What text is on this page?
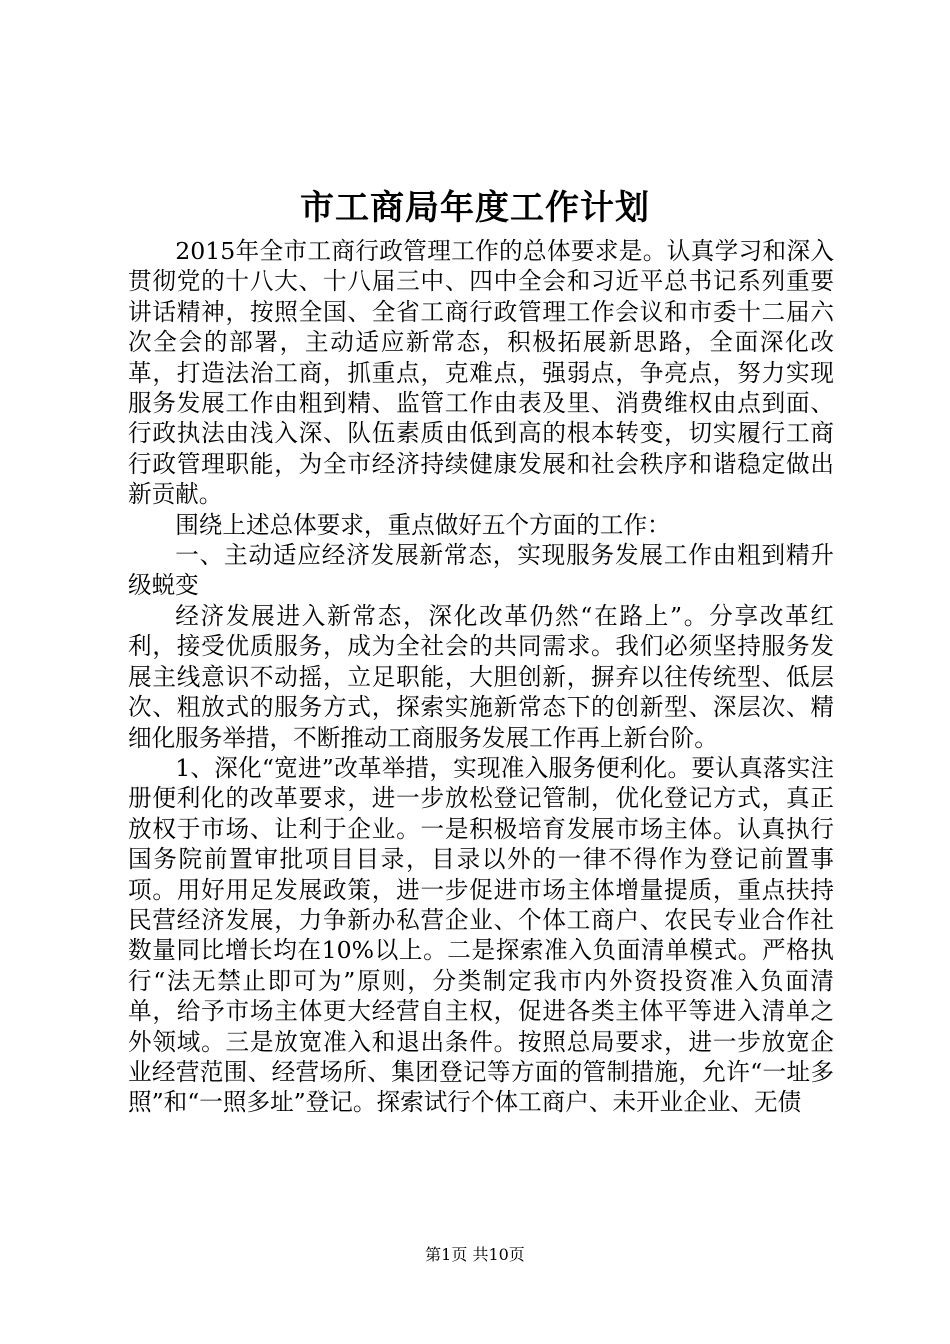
市工商局年度工作计划

2015年全市工商行政管理工作的总体要求是。认真学习和深入贯彻党的十八大、十八届三中、四中全会和习近平总书记系列重要讲话精神，按照全国、全省工商行政管理工作会议和市委十二届六次全会的部署，主动适应新常态，积极拓展新思路，全面深化改革，打造法治工商，抓重点，克难点，强弱点，争亮点，努力实现服务发展工作由粗到精、监管工作由表及里、消费维权由点到面、行政执法由浅入深、队伍素质由低到高的根本转变，切实履行工商行政管理职能，为全市经济持续健康发展和社会秩序和谐稳定做出新贡献。

围绕上述总体要求，重点做好五个方面的工作：

一、主动适应经济发展新常态，实现服务发展工作由粗到精升级蜕变

经济发展进入新常态，深化改革仍然“在路上”。分享改革红利，接受优质服务，成为全社会的共同需求。我们必须坚持服务发展主线意识不动摇，立足职能，大胆创新，摒弃以往传统型、低层次、粗放式的服务方式，探索实施新常态下的创新型、深层次、精细化服务举措，不断推动工商服务发展工作再上新台阶。

1、深化“宽进”改革举措，实现准入服务便利化。要认真落实注册便利化的改革要求，进一步放松登记管制，优化登记方式，真正放权于市场、让利于企业。一是积极培育发展市场主体。认真执行国务院前置审批项目目录，目录以外的一律不得作为登记前置事项。用好用足发展政策，进一步促进市场主体增量提质，重点扶持民营经济发展，力争新办私营企业、个体工商户、农民专业合作社数量同比增长均在10%以上。二是探索准入负面清单模式。严格执行“法无禁止即可为”原则，分类制定我市内外资投资准入负面清单，给予市场主体更大经营自主权，促进各类主体平等进入清单之外领域。三是放宽准入和退出条件。按照总局要求，进一步放宽企业经营范围、经营场所、集团登记等方面的管制措施，允许“一址多照”和“一照多址”登记。探索试行个体工商户、未开业企业、无债

第1页 共10页
